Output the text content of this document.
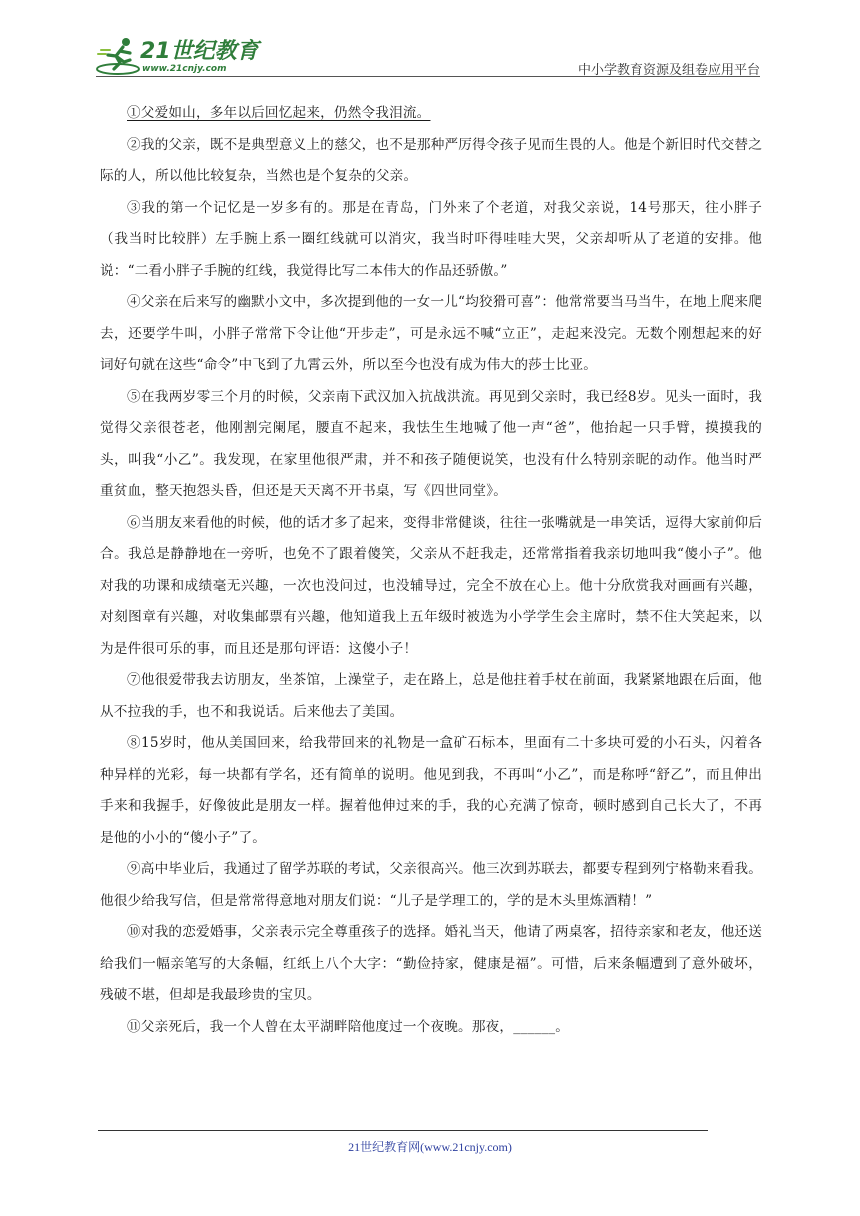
21世纪教育
www.21cnjy.com	中小学教育资源及组卷应用平台

①父爱如山，多年以后回忆起来，仍然令我泪流。

②我的父亲，既不是典型意义上的慈父，也不是那种严厉得令孩子见而生畏的人。他是个新旧时代交替之际的人，所以他比较复杂，当然也是个复杂的父亲。

③我的第一个记忆是一岁多有的。那是在青岛，门外来了个老道，对我父亲说，14号那天，往小胖子（我当时比较胖）左手腕上系一圈红线就可以消灾，我当时吓得哇哇大哭，父亲却听从了老道的安排。他说：“二看小胖子手腕的红线，我觉得比写二本伟大的作品还骄傲。”

④父亲在后来写的幽默小文中，多次提到他的一女一儿“均狡猾可喜”：他常常要当马当牛，在地上爬来爬去，还要学牛叫，小胖子常常下令让他“开步走”，可是永远不喊“立正”，走起来没完。无数个刚想起来的好词好句就在这些“命令”中飞到了九霄云外，所以至今也没有成为伟大的莎士比亚。

⑤在我两岁零三个月的时候，父亲南下武汉加入抗战洪流。再见到父亲时，我已经8岁。见头一面时，我觉得父亲很苍老，他刚割完阑尾，腰直不起来，我怯生生地喊了他一声“爸”，他抬起一只手臂，摸摸我的头，叫我“小乙”。我发现，在家里他很严肃，并不和孩子随便说笑，也没有什么特别亲昵的动作。他当时严重贫血，整天抱怨头昏，但还是天天离不开书桌，写《四世同堂》。

⑥当朋友来看他的时候，他的话才多了起来，变得非常健谈，往往一张嘴就是一串笑话，逗得大家前仰后合。我总是静静地在一旁听，也免不了跟着傻笑，父亲从不赶我走，还常常指着我亲切地叫我“傻小子”。他对我的功课和成绩毫无兴趣，一次也没问过，也没辅导过，完全不放在心上。他十分欣赏我对画画有兴趣，对刻图章有兴趣，对收集邮票有兴趣，他知道我上五年级时被选为小学学生会主席时，禁不住大笑起来，以为是件很可乐的事，而且还是那句评语：这傻小子！

⑦他很爱带我去访朋友，坐茶馆，上澡堂子，走在路上，总是他拄着手杖在前面，我紧紧地跟在后面，他从不拉我的手，也不和我说话。后来他去了美国。

⑧15岁时，他从美国回来，给我带回来的礼物是一盒矿石标本，里面有二十多块可爱的小石头，闪着各种异样的光彩，每一块都有学名，还有简单的说明。他见到我，不再叫“小乙”，而是称呼“舒乙”，而且伸出手来和我握手，好像彼此是朋友一样。握着他伸过来的手，我的心充满了惊奇，顿时感到自己长大了，不再是他的小小的“傻小子”了。

⑨高中毕业后，我通过了留学苏联的考试，父亲很高兴。他三次到苏联去，都要专程到列宁格勒来看我。他很少给我写信，但是常常得意地对朋友们说：“儿子是学理工的，学的是木头里炼酒精！”

⑩对我的恋爱婚事，父亲表示完全尊重孩子的选择。婚礼当天，他请了两桌客，招待亲家和老友，他还送给我们一幅亲笔写的大条幅，红纸上八个大字：“勤俭持家，健康是福”。可惜，后来条幅遭到了意外破坏，残破不堪，但却是我最珍贵的宝贝。

⑪父亲死后，我一个人曾在太平湖畔陪他度过一个夜晚。那夜，______。

21世纪教育网(www.21cnjy.com)
